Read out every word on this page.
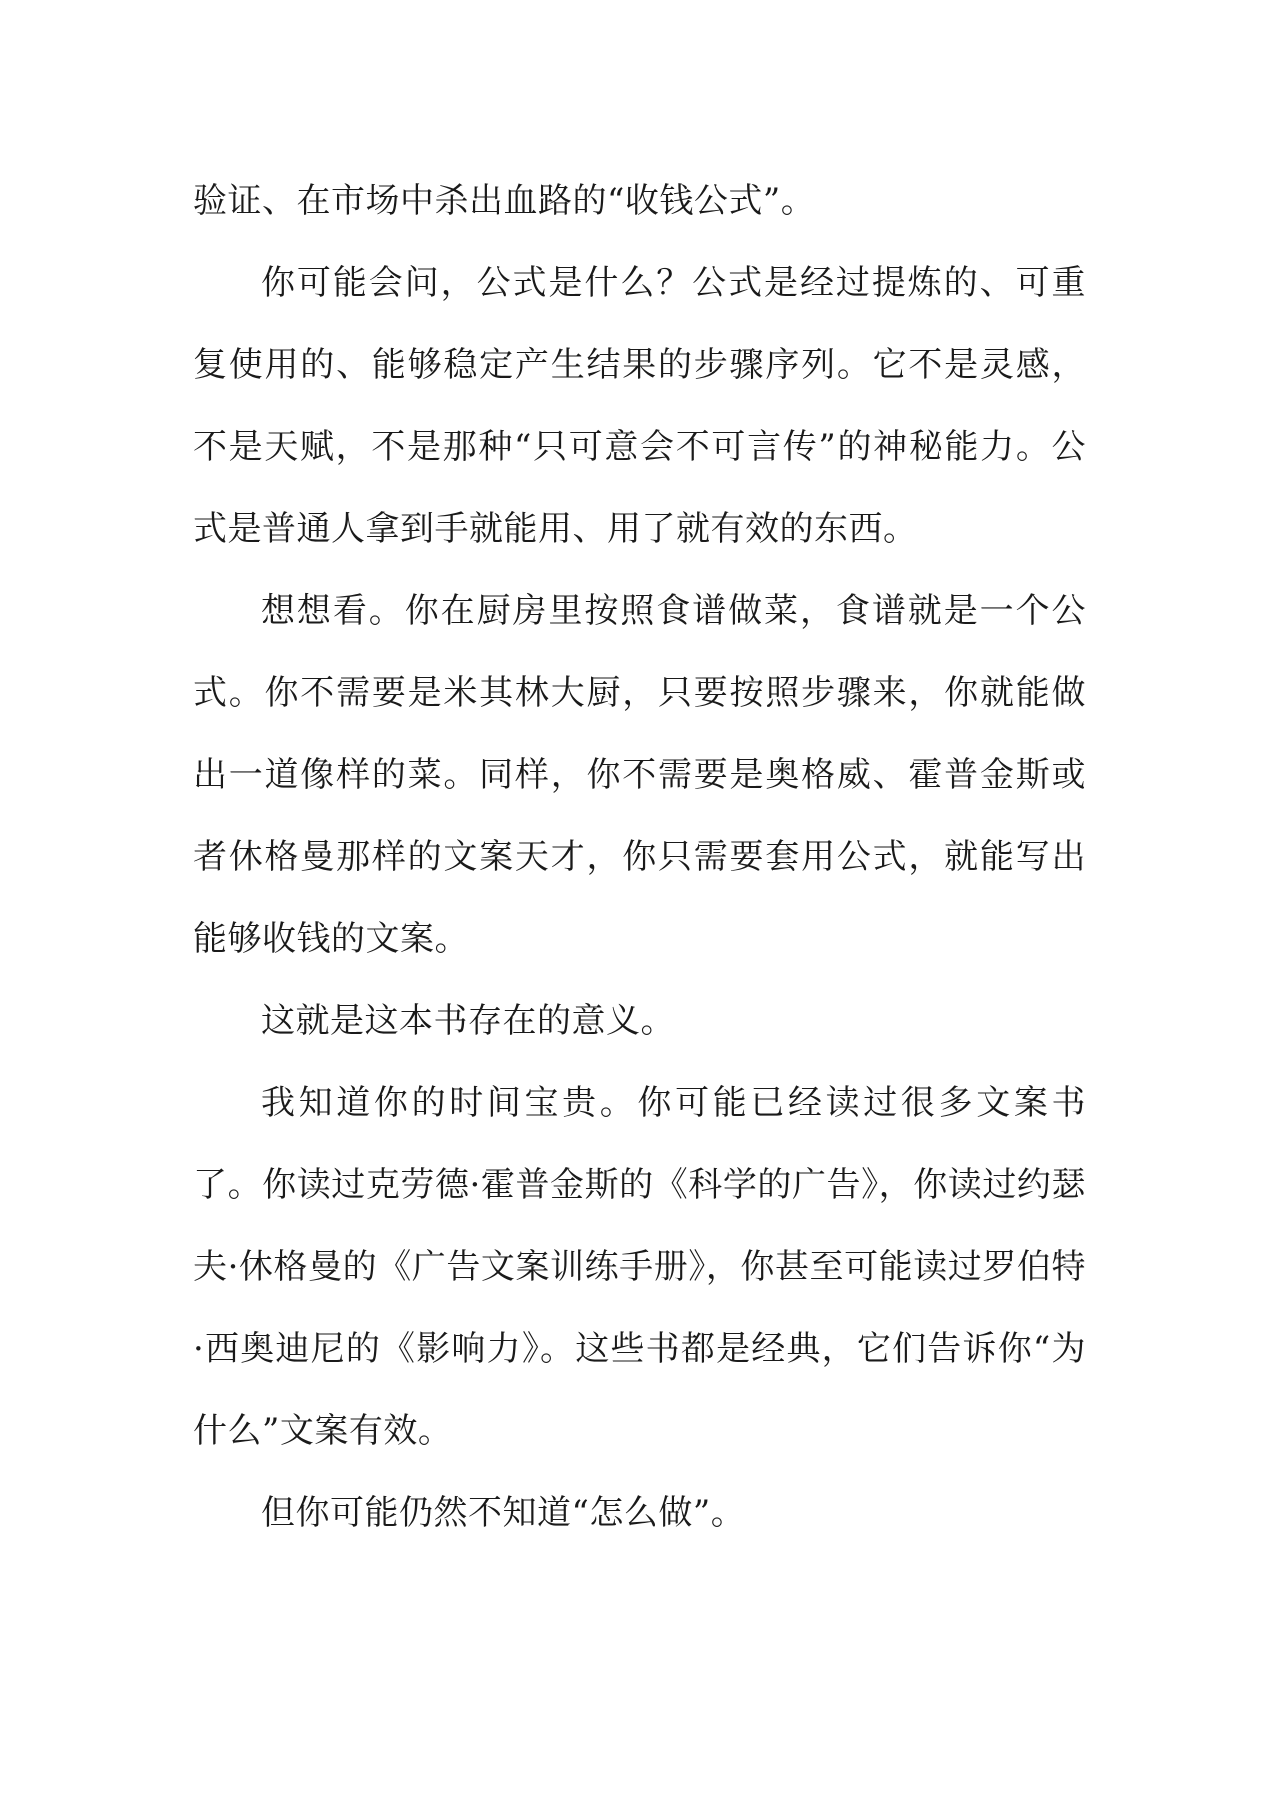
验证、在市场中杀出血路的“收钱公式”。

你可能会问，公式是什么？公式是经过提炼的、可重复使用的、能够稳定产生结果的步骤序列。它不是灵感，不是天赋，不是那种“只可意会不可言传”的神秘能力。公式是普通人拿到手就能用、用了就有效的东西。

想想看。你在厨房里按照食谱做菜，食谱就是一个公式。你不需要是米其林大厨，只要按照步骤来，你就能做出一道像样的菜。同样，你不需要是奥格威、霍普金斯或者休格曼那样的文案天才，你只需要套用公式，就能写出能够收钱的文案。

这就是这本书存在的意义。

我知道你的时间宝贵。你可能已经读过很多文案书了。你读过克劳德·霍普金斯的《科学的广告》，你读过约瑟夫·休格曼的《广告文案训练手册》，你甚至可能读过罗伯特·西奥迪尼的《影响力》。这些书都是经典，它们告诉你“为什么”文案有效。

但你可能仍然不知道“怎么做”。
